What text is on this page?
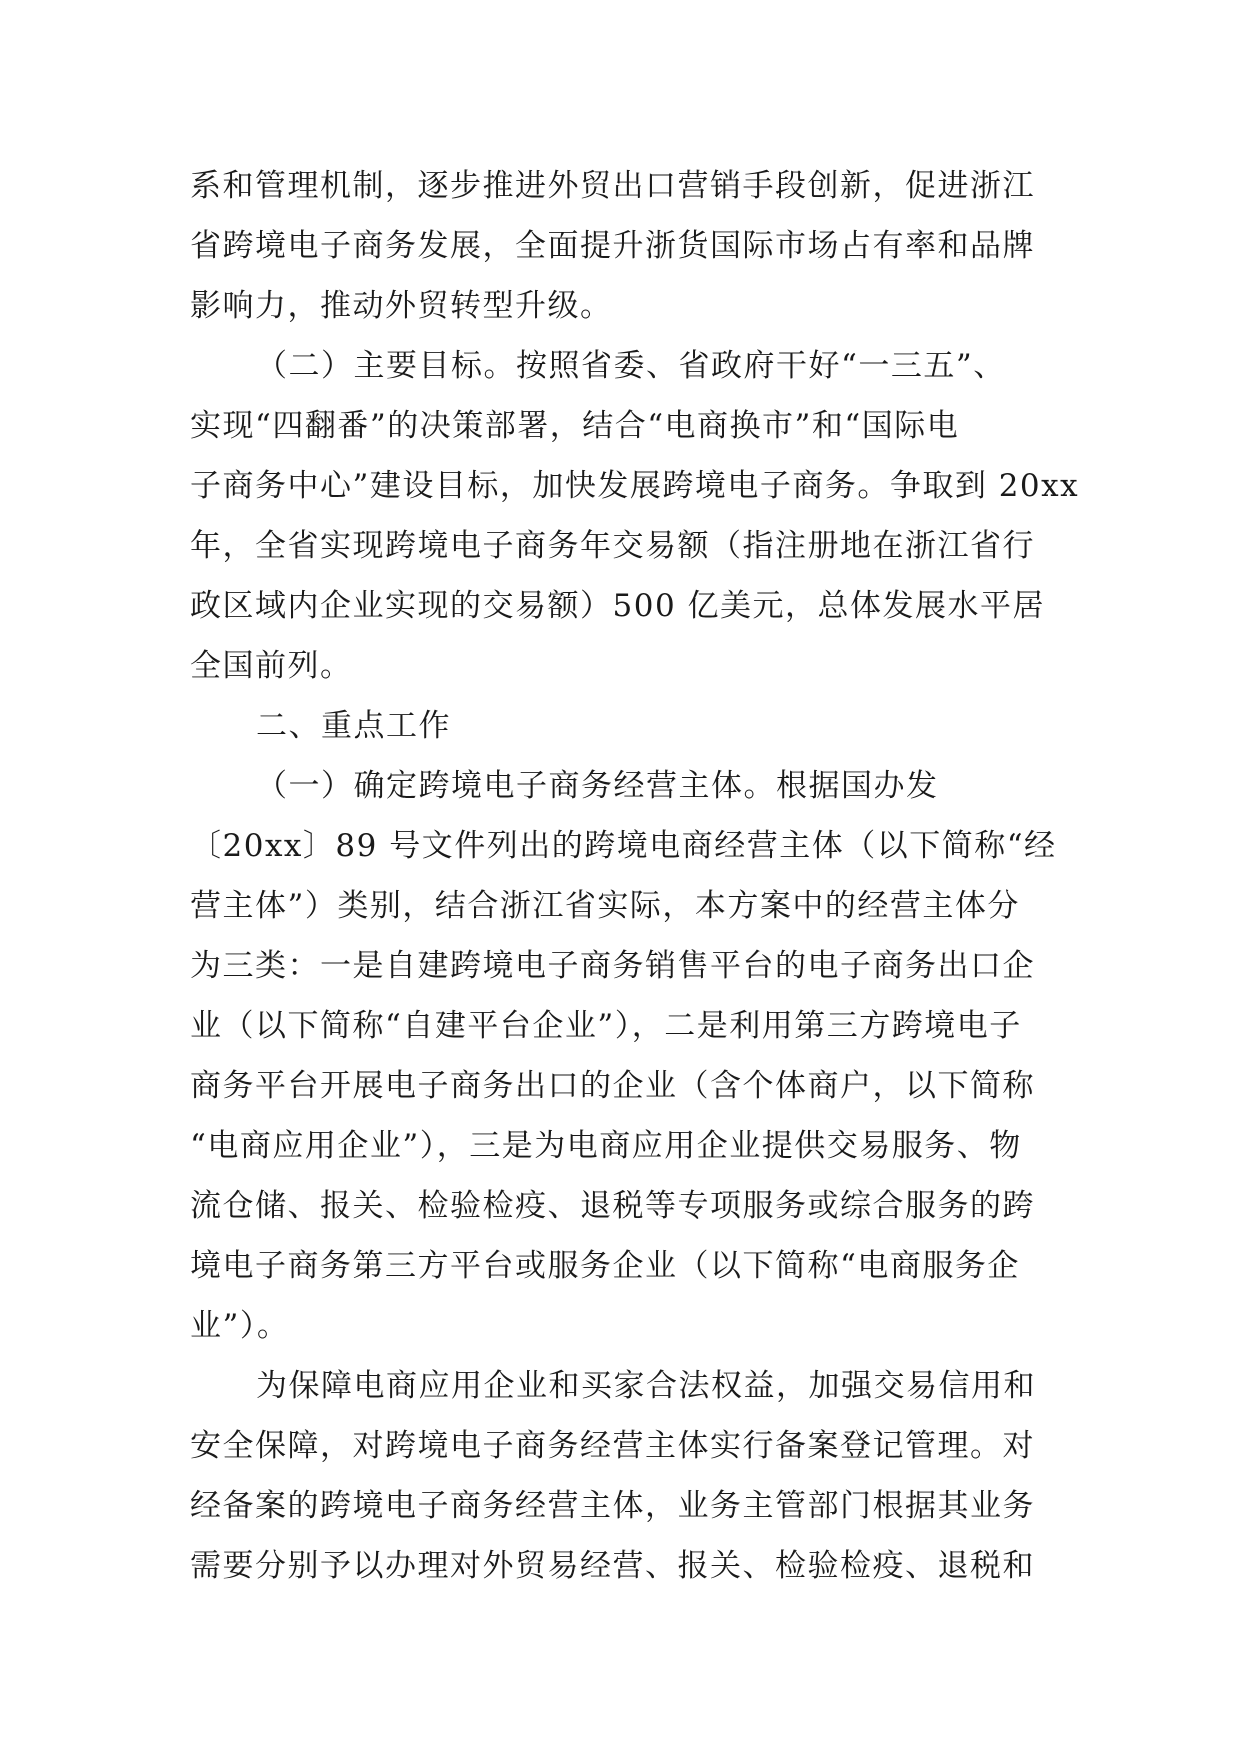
系和管理机制，逐步推进外贸出口营销手段创新，促进浙江
省跨境电子商务发展，全面提升浙货国际市场占有率和品牌
影响力，推动外贸转型升级。
（二）主要目标。按照省委、省政府干好“一三五”、
实现“四翻番”的决策部署，结合“电商换市”和“国际电
子商务中心”建设目标，加快发展跨境电子商务。争取到 20xx
年，全省实现跨境电子商务年交易额（指注册地在浙江省行
政区域内企业实现的交易额）500 亿美元，总体发展水平居
全国前列。
二、重点工作
（一）确定跨境电子商务经营主体。根据国办发
〔20xx〕89 号文件列出的跨境电商经营主体（以下简称“经
营主体”）类别，结合浙江省实际，本方案中的经营主体分
为三类：一是自建跨境电子商务销售平台的电子商务出口企
业（以下简称“自建平台企业”），二是利用第三方跨境电子
商务平台开展电子商务出口的企业（含个体商户，以下简称
“电商应用企业”），三是为电商应用企业提供交易服务、物
流仓储、报关、检验检疫、退税等专项服务或综合服务的跨
境电子商务第三方平台或服务企业（以下简称“电商服务企
业”）。
为保障电商应用企业和买家合法权益，加强交易信用和
安全保障，对跨境电子商务经营主体实行备案登记管理。对
经备案的跨境电子商务经营主体，业务主管部门根据其业务
需要分别予以办理对外贸易经营、报关、检验检疫、退税和
